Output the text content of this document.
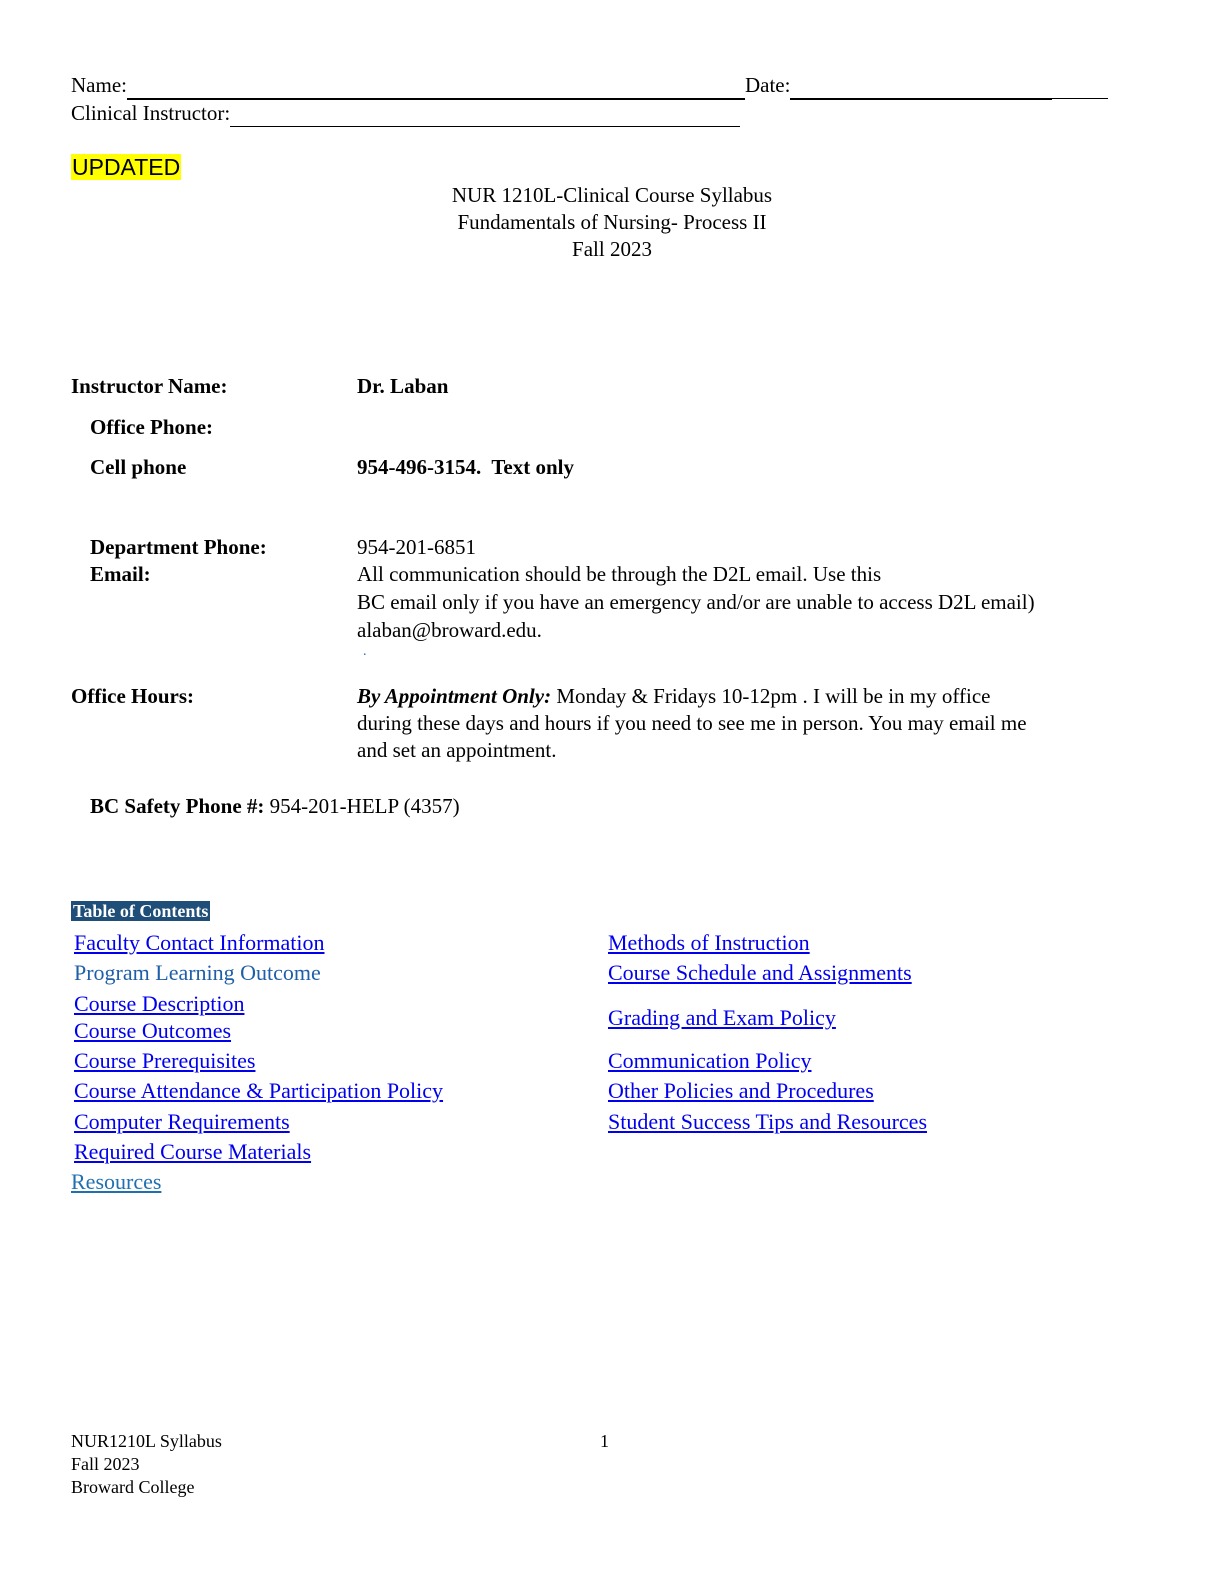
Name:	Date:
Clinical Instructor:
UPDATED
NUR 1210L-Clinical Course Syllabus
Fundamentals of Nursing- Process II
Fall 2023
Instructor Name:	Dr. Laban
Office Phone:
Cell phone	954-496-3154.  Text only
Department Phone:	954-201-6851
Email:	All communication should be through the D2L email. Use this
BC email only if you have an emergency and/or are unable to access D2L email)
alaban@broward.edu.
.
Office Hours:	By Appointment Only: Monday & Fridays 10-12pm . I will be in my office
during these days and hours if you need to see me in person. You may email me
and set an appointment.
BC Safety Phone #: 954-201-HELP (4357)
Table of Contents
Faculty Contact Information
Program Learning Outcome
Course Description
Course Outcomes
Course Prerequisites
Course Attendance & Participation Policy
Computer Requirements
Required Course Materials
Resources
Methods of Instruction
Course Schedule and Assignments
Grading and Exam Policy
Communication Policy
Other Policies and Procedures
Student Success Tips and Resources
NUR1210L Syllabus
Fall 2023
Broward College
1
